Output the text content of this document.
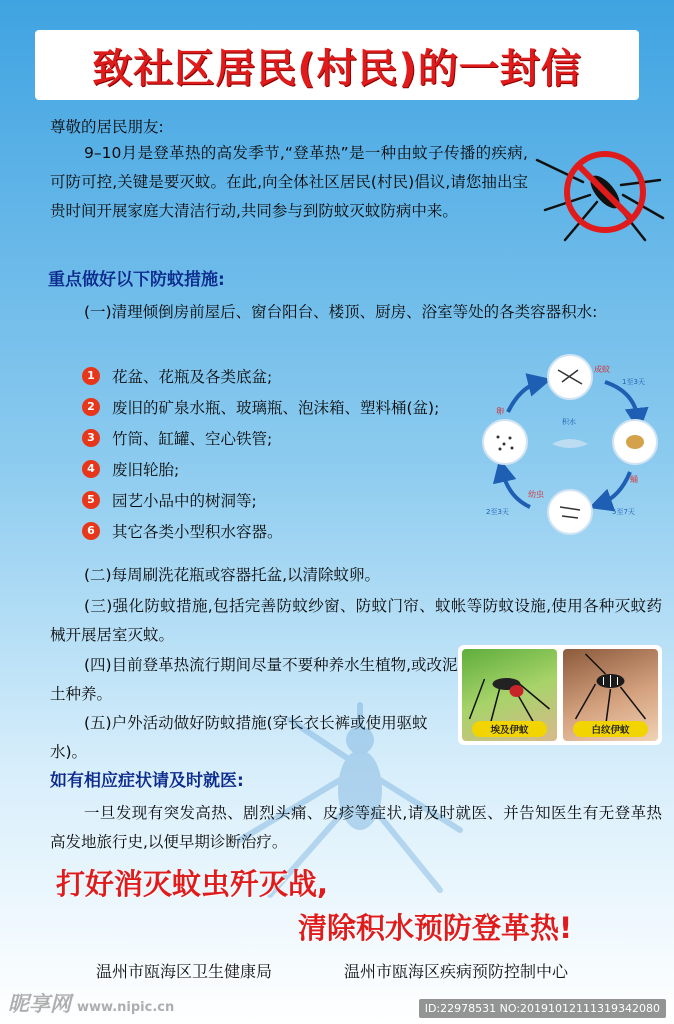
致社区居民(村民)的一封信
尊敬的居民朋友:
9–10月是登革热的高发季节,“登革热”是一种由蚊子传播的疾病,可防可控,关键是要灭蚊。在此,向全体社区居民(村民)倡议,请您抽出宝贵时间开展家庭大清洁行动,共同参与到防蚊灭蚊防病中来。
重点做好以下防蚊措施:
(一)清理倾倒房前屋后、窗台阳台、楼顶、厨房、浴室等处的各类容器积水:
1	花盆、花瓶及各类底盆;
2	废旧的矿泉水瓶、玻璃瓶、泡沫箱、塑料桶(盆);
3	竹筒、缸罐、空心铁管;
4	废旧轮胎;
5	园艺小品中的树洞等;
6	其它各类小型积水容器。
成蚊
卵
幼虫
蛹
积水
1至3天
2至3天	5至7天
(二)每周刷洗花瓶或容器托盆,以清除蚊卵。
(三)强化防蚊措施,包括完善防蚊纱窗、防蚊门帘、蚊帐等防蚊设施,使用各种灭蚊药械开展居室灭蚊。
(四)目前登革热流行期间尽量不要种养水生植物,或改泥土种养。
(五)户外活动做好防蚊措施(穿长衣长裤或使用驱蚊水)。
埃及伊蚊	白纹伊蚊
如有相应症状请及时就医:
一旦发现有突发高热、剧烈头痛、皮疹等症状,请及时就医、并告知医生有无登革热高发地旅行史,以便早期诊断治疗。
打好消灭蚊虫歼灭战,
清除积水预防登革热!
温州市瓯海区卫生健康局	温州市瓯海区疾病预防控制中心
昵享网 www.nipic.cn	ID:22978531 NO:20191012111319342080
